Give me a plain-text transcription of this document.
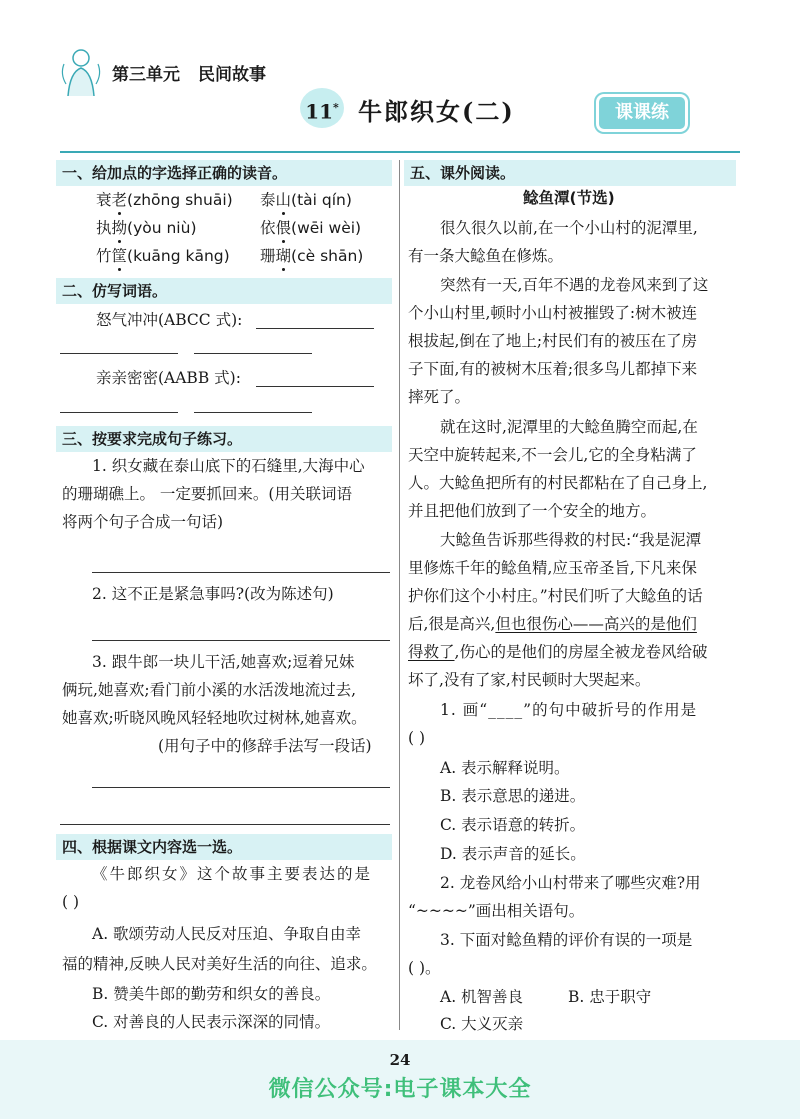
第三单元 民间故事
11* 牛郎织女(二)	课课练
一、给加点的字选择正确的读音。
衰老(zhōng shuāi) 泰山(tài qín)
执拗(yòu niù)	依偎(wēi wèi)
竹筐(kuāng kāng) 珊瑚(cè shān)
二、仿写词语。
怒气冲冲(ABCC 式):
亲亲密密(AABB 式):
三、按要求完成句子练习。
1. 织女藏在泰山底下的石缝里,大海中心
的珊瑚礁上。 一定要抓回来。(用关联词语
将两个句子合成一句话)
2. 这不正是紧急事吗?(改为陈述句)
3. 跟牛郎一块儿干活,她喜欢;逗着兄妹
俩玩,她喜欢;看门前小溪的水活泼地流过去,
她喜欢;听晓风晚风轻轻地吹过树林,她喜欢。
(用句子中的修辞手法写一段话)
四、根据课文内容选一选。
《牛郎织女》这个故事主要表达的是
( )
A. 歌颂劳动人民反对压迫、争取自由幸
福的精神,反映人民对美好生活的向往、追求。
B. 赞美牛郎的勤劳和织女的善良。
C. 对善良的人民表示深深的同情。
五、课外阅读。
鲶鱼潭(节选)
很久很久以前,在一个小山村的泥潭里,
有一条大鲶鱼在修炼。
突然有一天,百年不遇的龙卷风来到了这
个小山村里,顿时小山村被摧毁了:树木被连
根拔起,倒在了地上;村民们有的被压在了房
子下面,有的被树木压着;很多鸟儿都掉下来
摔死了。
就在这时,泥潭里的大鲶鱼腾空而起,在
天空中旋转起来,不一会儿,它的全身粘满了
人。大鲶鱼把所有的村民都粘在了自己身上,
并且把他们放到了一个安全的地方。
大鲶鱼告诉那些得救的村民:“我是泥潭
里修炼千年的鲶鱼精,应玉帝圣旨,下凡来保
护你们这个小村庄。”村民们听了大鲶鱼的话
后,很是高兴,但也很伤心——高兴的是他们
得救了,伤心的是他们的房屋全被龙卷风给破
坏了,没有了家,村民顿时大哭起来。
1. 画“____”的句中破折号的作用是
( )
A. 表示解释说明。
B. 表示意思的递进。
C. 表示语意的转折。
D. 表示声音的延长。
2. 龙卷风给小山村带来了哪些灾难?用
“~~~~”画出相关语句。
3. 下面对鲶鱼精的评价有误的一项是
( )。
A. 机智善良	B. 忠于职守
C. 大义灭亲
24
微信公众号:电子课本大全
